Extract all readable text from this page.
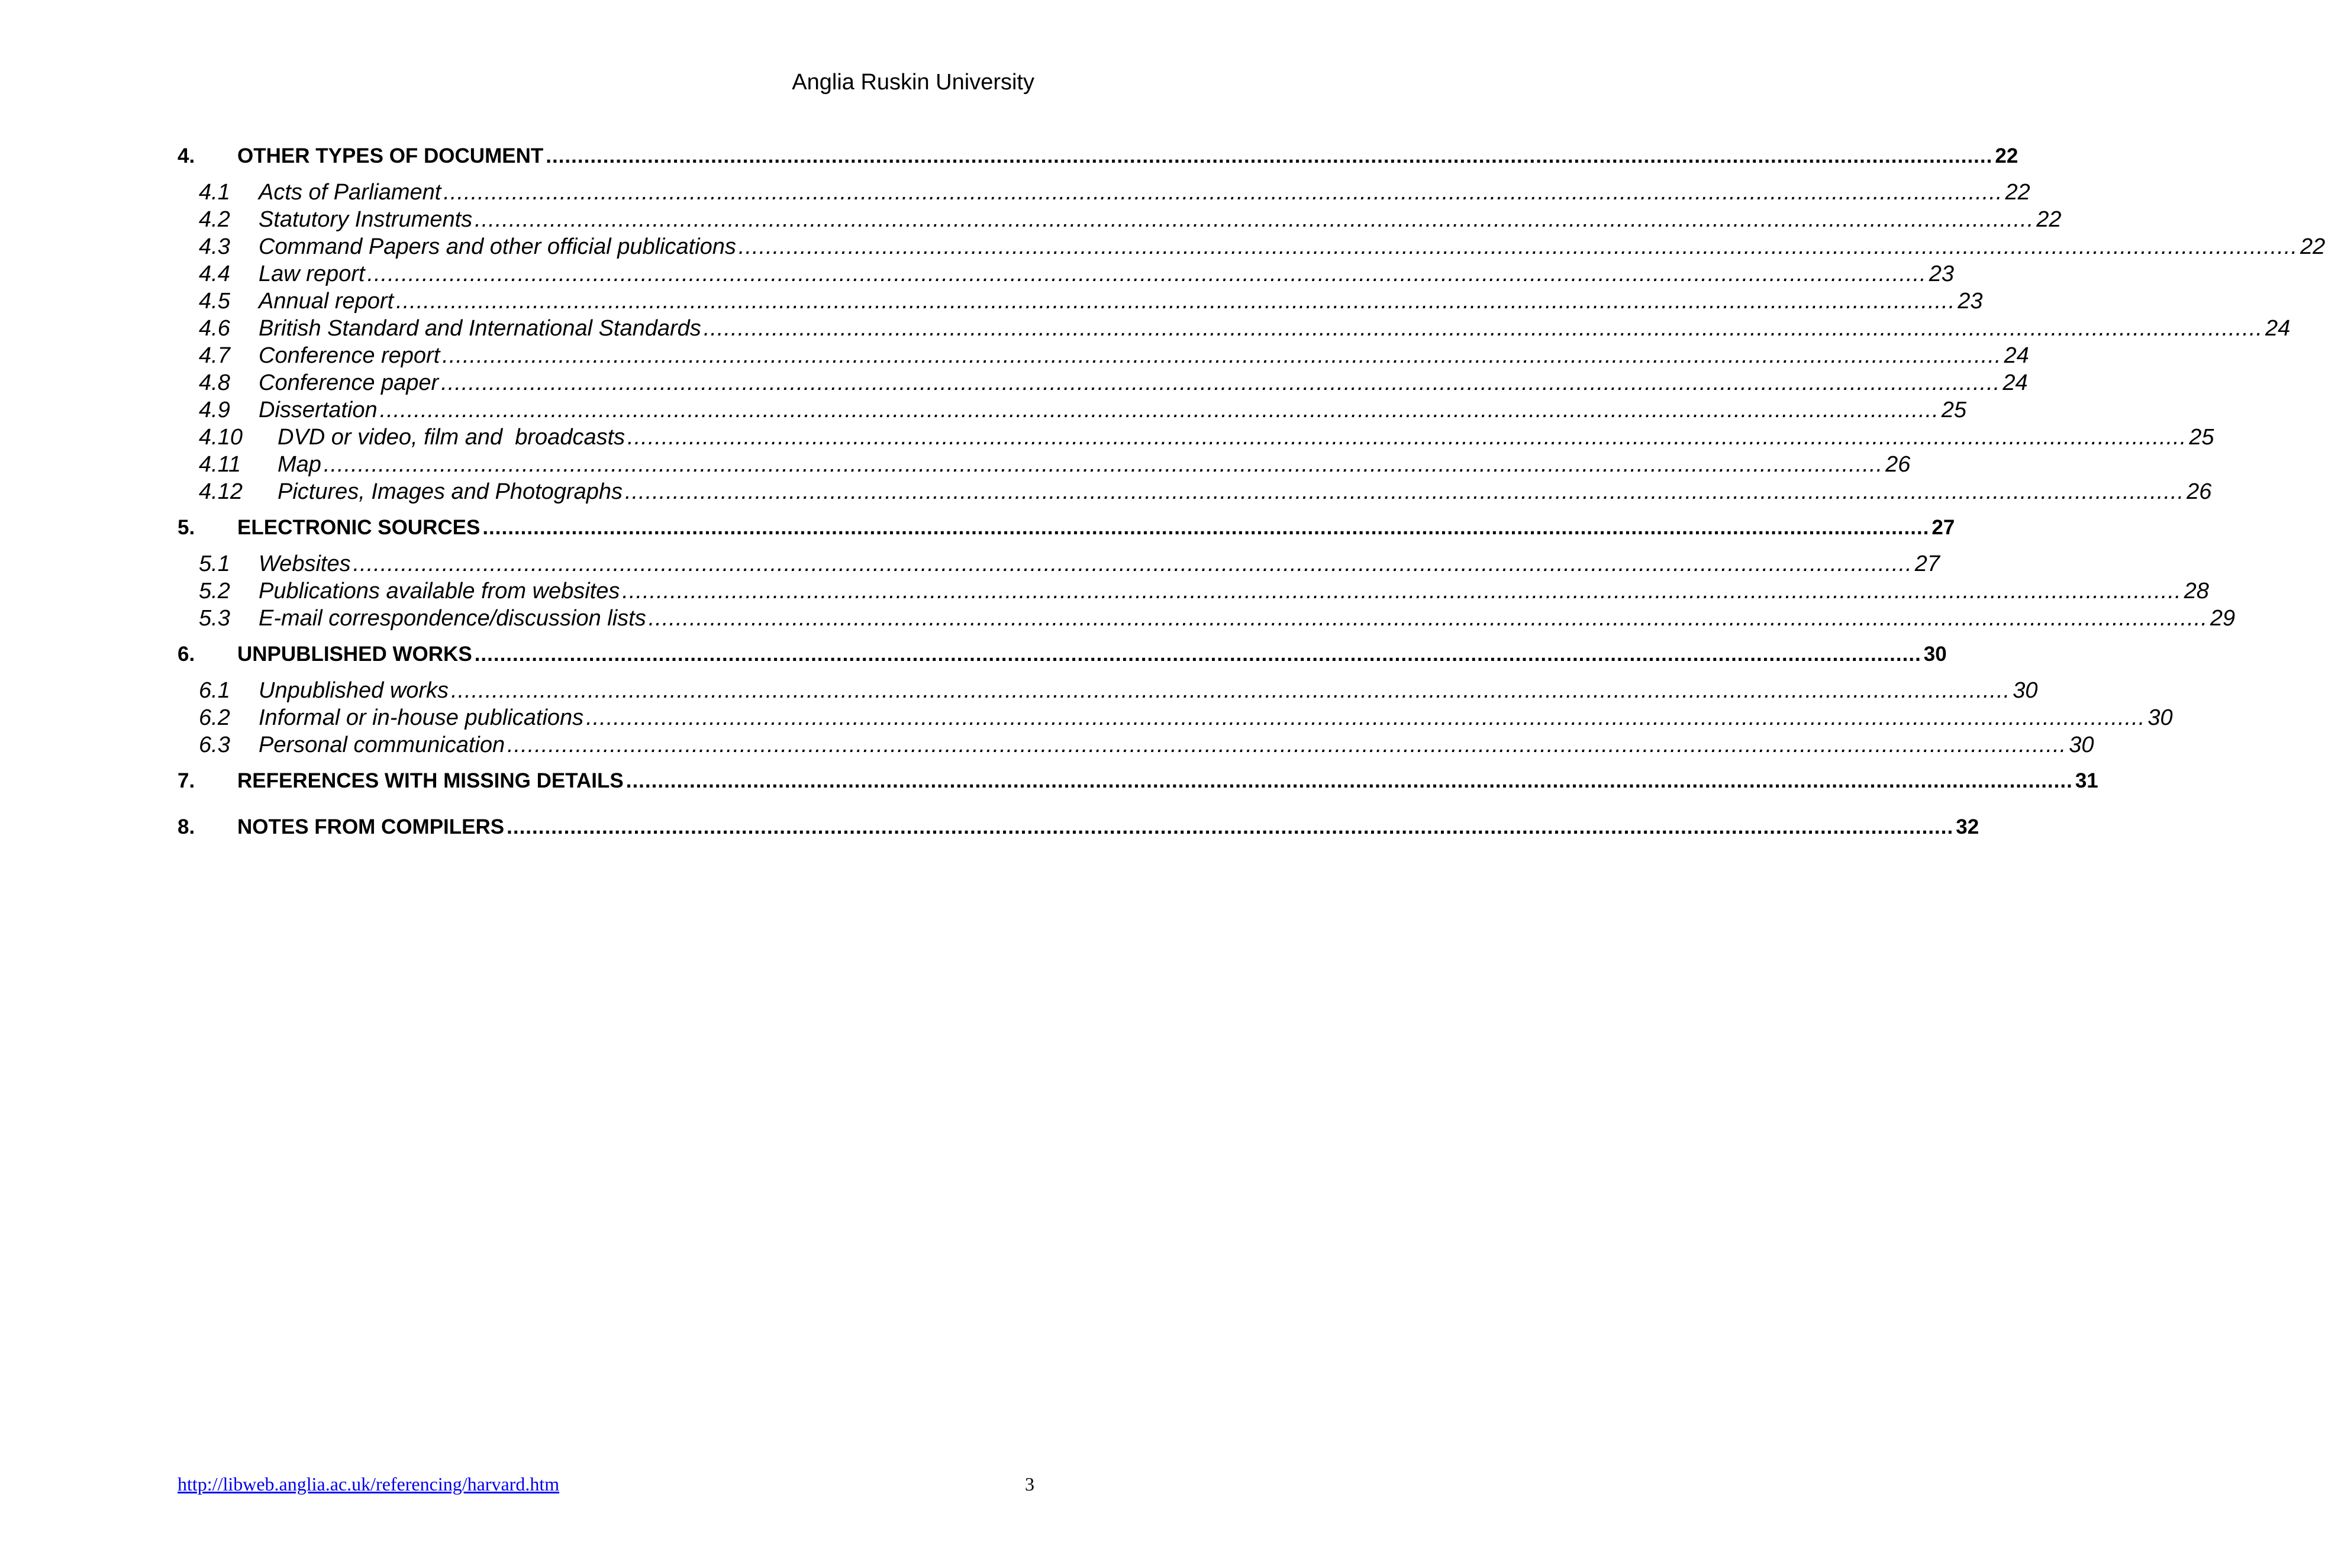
Anglia Ruskin University
4.	OTHER TYPES OF DOCUMENT .................................................................................................................................................................................................................................... 22
4.1	Acts of Parliament .................................................................................................................................................................................................................................... 22
4.2	Statutory Instruments .................................................................................................................................................................................................................................... 22
4.3	Command Papers and other official publications .................................................................................................................................................................................................................................... 22
4.4	Law report .................................................................................................................................................................................................................................... 23
4.5	Annual report .................................................................................................................................................................................................................................... 23
4.6	British Standard and International Standards .................................................................................................................................................................................................................................... 24
4.7	Conference report .................................................................................................................................................................................................................................... 24
4.8	Conference paper .................................................................................................................................................................................................................................... 24
4.9	Dissertation .................................................................................................................................................................................................................................... 25
4.10	DVD or video, film and  broadcasts .................................................................................................................................................................................................................................... 25
4.11	Map .................................................................................................................................................................................................................................... 26
4.12	Pictures, Images and Photographs .................................................................................................................................................................................................................................... 26
5.	ELECTRONIC SOURCES .................................................................................................................................................................................................................................... 27
5.1	Websites .................................................................................................................................................................................................................................... 27
5.2	Publications available from websites .................................................................................................................................................................................................................................... 28
5.3	E-mail correspondence/discussion lists .................................................................................................................................................................................................................................... 29
6.	UNPUBLISHED WORKS .................................................................................................................................................................................................................................... 30
6.1	Unpublished works .................................................................................................................................................................................................................................... 30
6.2	Informal or in-house publications .................................................................................................................................................................................................................................... 30
6.3	Personal communication .................................................................................................................................................................................................................................... 30
7.	REFERENCES WITH MISSING DETAILS .................................................................................................................................................................................................................................... 31
8.	NOTES FROM COMPILERS .................................................................................................................................................................................................................................... 32
http://libweb.anglia.ac.uk/referencing/harvard.htm	3
